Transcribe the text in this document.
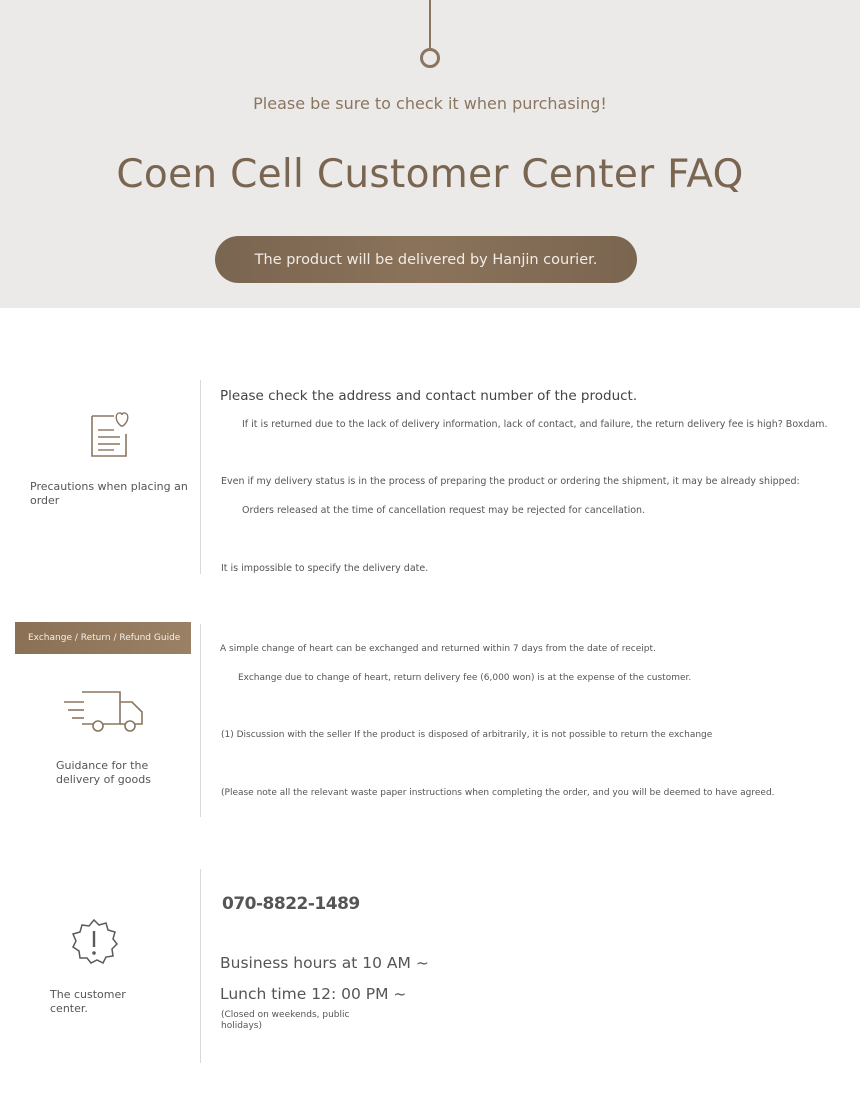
Please be sure to check it when purchasing!
Coen Cell Customer Center FAQ
The product will be delivered by Hanjin courier.
Precautions when placing an order
Please check the address and contact number of the product.
If it is returned due to the lack of delivery information, lack of contact, and failure, the return delivery fee is high? Boxdam.
Even if my delivery status is in the process of preparing the product or ordering the shipment, it may be already shipped:
Orders released at the time of cancellation request may be rejected for cancellation.
It is impossible to specify the delivery date.
Exchange / Return / Refund Guide
Guidance for the delivery of goods
A simple change of heart can be exchanged and returned within 7 days from the date of receipt.
Exchange due to change of heart, return delivery fee (6,000 won) is at the expense of the customer.
(1) Discussion with the seller If the product is disposed of arbitrarily, it is not possible to return the exchange
(Please note all the relevant waste paper instructions when completing the order, and you will be deemed to have agreed.
The customer center.
070-8822-1489
Business hours at 10 AM ~
Lunch time 12: 00 PM ~
(Closed on weekends, public holidays)
